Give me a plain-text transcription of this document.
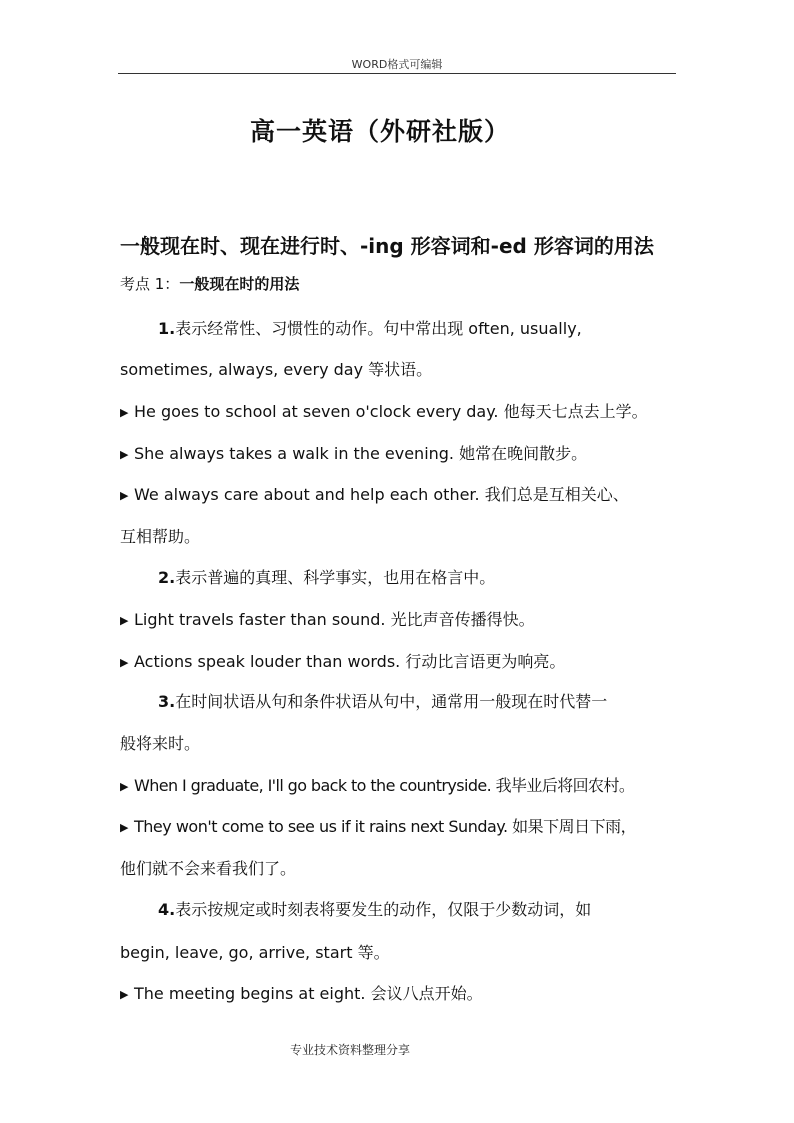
WORD格式可编辑
高一英语（外研社版）
一般现在时、现在进行时、-ing 形容词和-ed 形容词的用法
考点 1：一般现在时的用法
1.表示经常性、习惯性的动作。句中常出现 often, usually,
sometimes, always, every day 等状语。
▶ He goes to school at seven o'clock every day. 他每天七点去上学。
▶ She always takes a walk in the evening. 她常在晚间散步。
▶ We always care about and help each other. 我们总是互相关心、
互相帮助。
2.表示普遍的真理、科学事实，也用在格言中。
▶ Light travels faster than sound. 光比声音传播得快。
▶ Actions speak louder than words. 行动比言语更为响亮。
3.在时间状语从句和条件状语从句中，通常用一般现在时代替一
般将来时。
▶ When I graduate, I'll go back to the countryside. 我毕业后将回农村。
▶ They won't come to see us if it rains next Sunday. 如果下周日下雨，
他们就不会来看我们了。
4.表示按规定或时刻表将要发生的动作，仅限于少数动词，如
begin, leave, go, arrive, start 等。
▶ The meeting begins at eight. 会议八点开始。
专业技术资料整理分享
